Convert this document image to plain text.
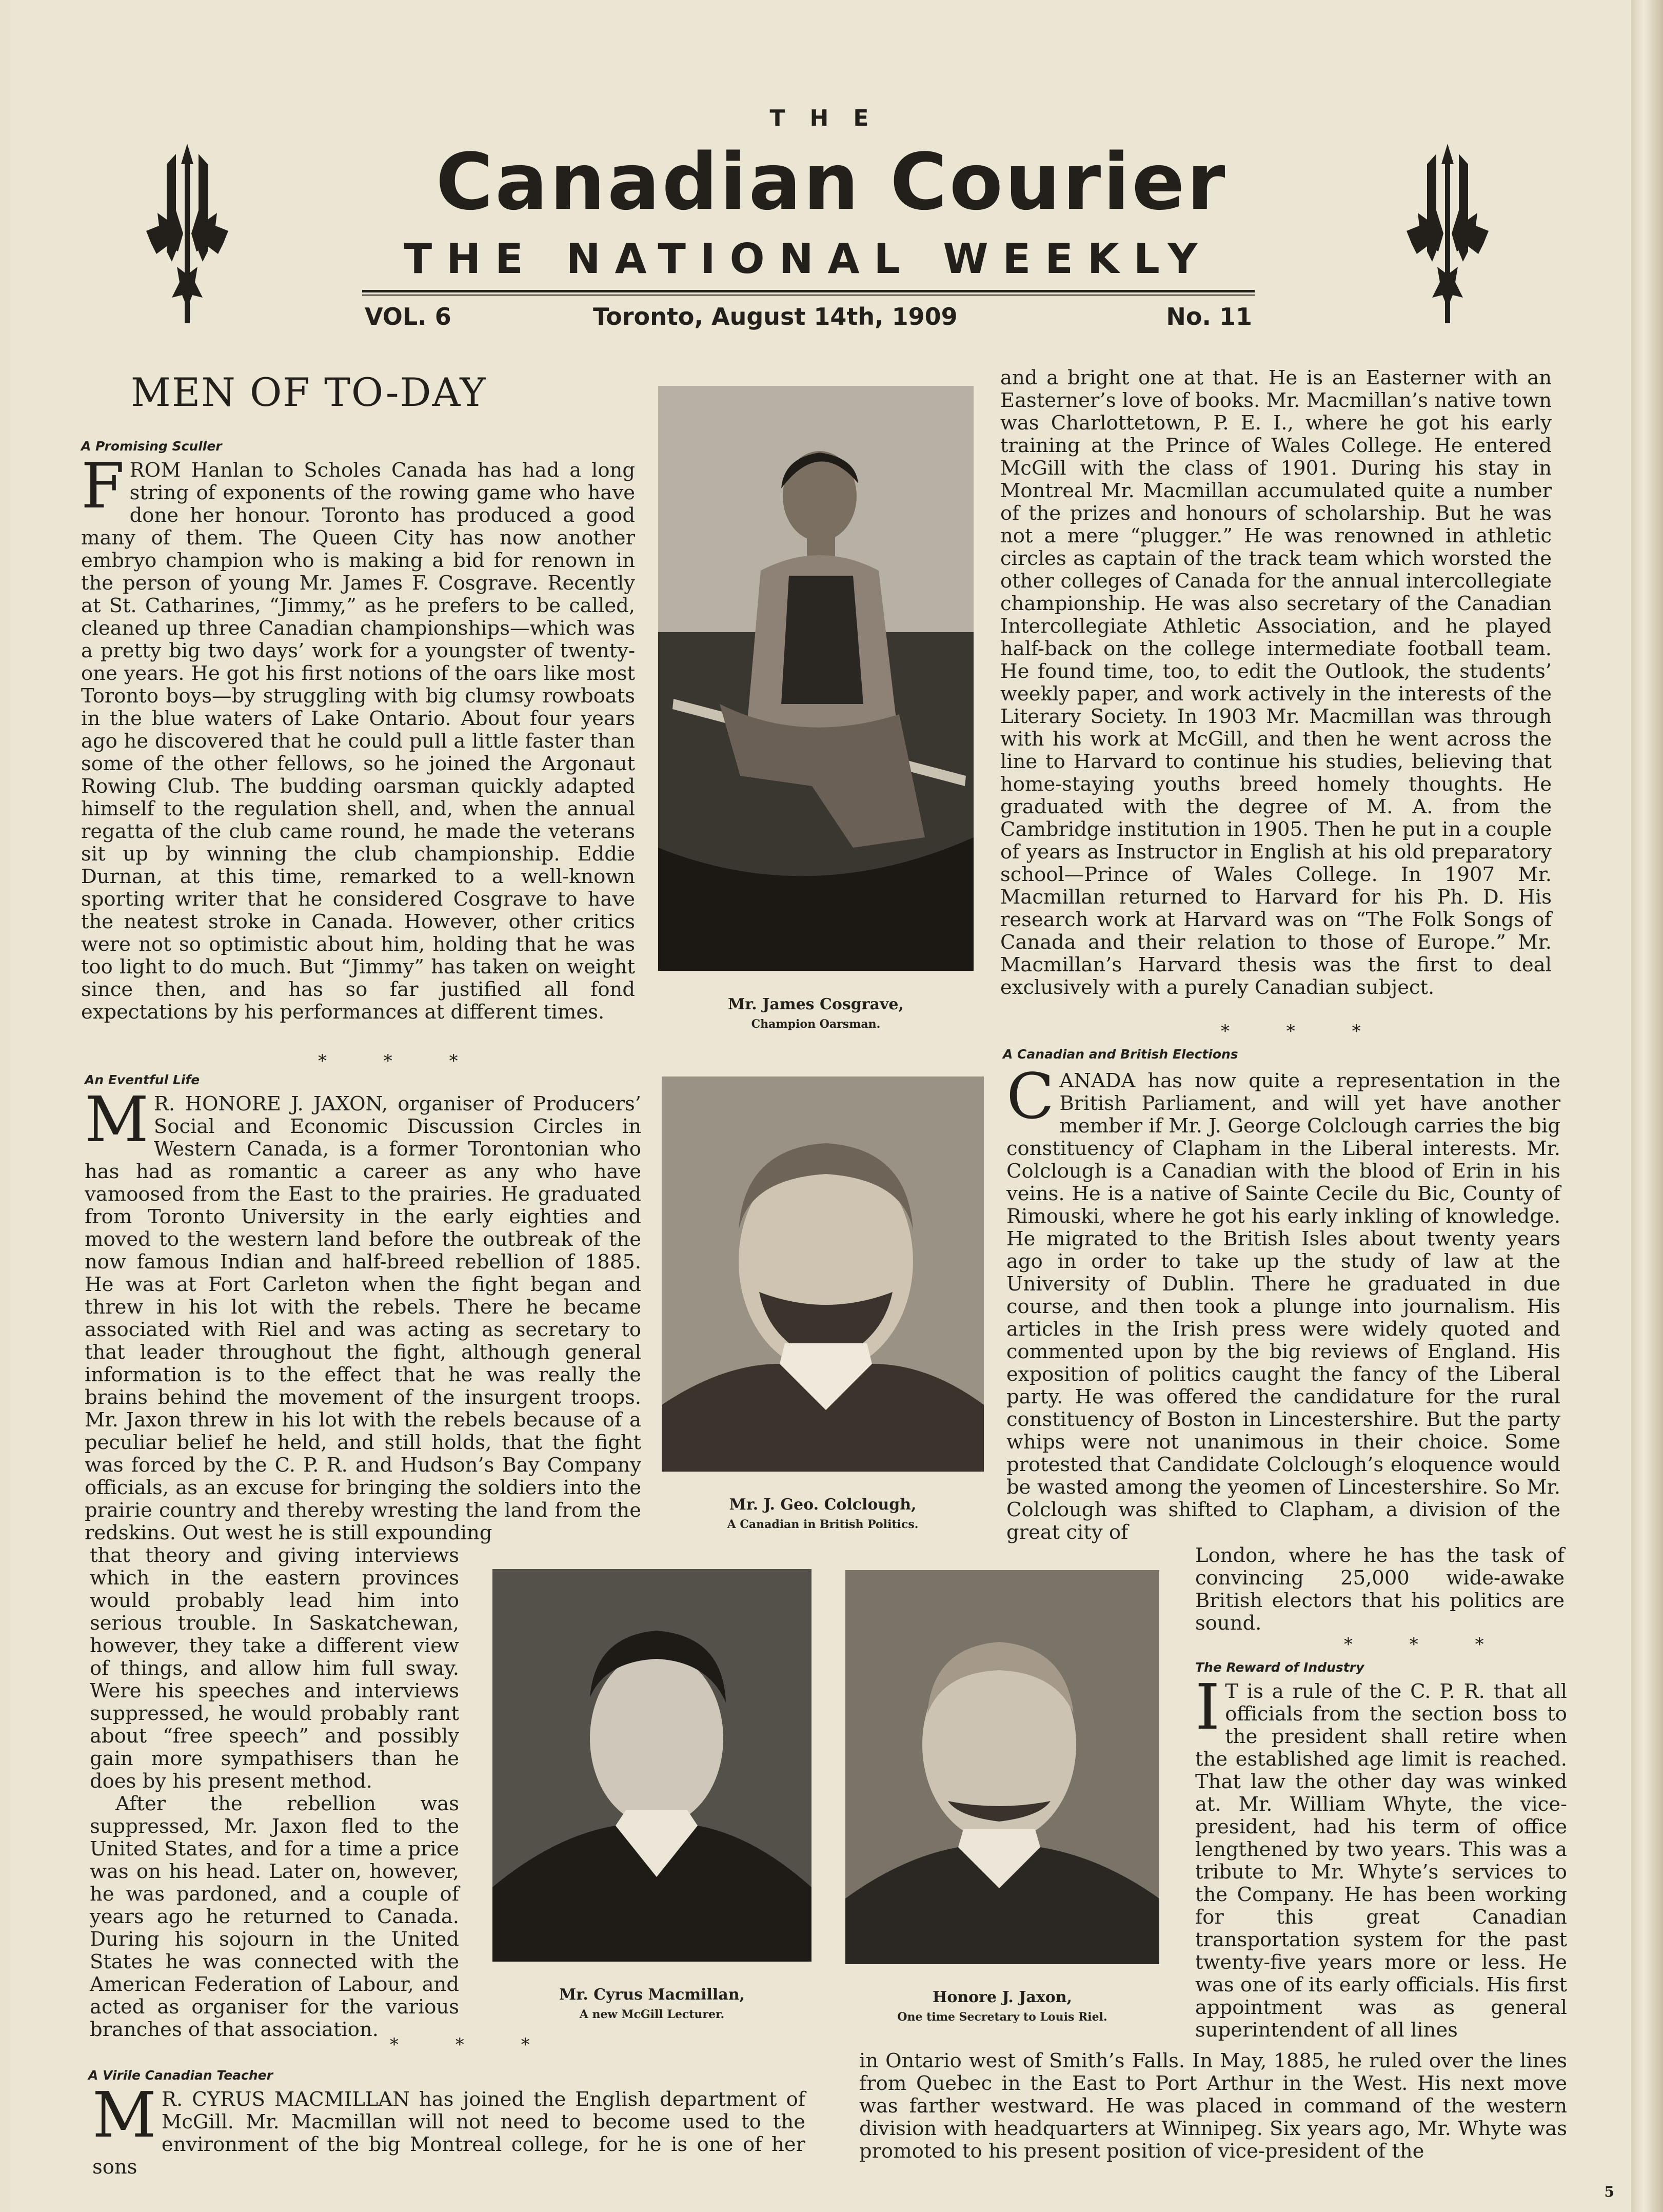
THE
Canadian Courier
THE NATIONAL WEEKLY
VOL. 6	Toronto, August 14th, 1909	No. 11
MEN OF TO-DAY
A Promising Sculler
F ROM Hanlan to Scholes Canada has had a long string of exponents of the rowing game who have done her honour. Toronto has produced a good many of them. The Queen City has now another embryo champion who is making a bid for renown in the person of young Mr. James F. Cosgrave. Recently at St. Catharines, “Jimmy,” as he prefers to be called, cleaned up three Canadian championships—which was a pretty big two days’ work for a youngster of twenty-one years. He got his first notions of the oars like most Toronto boys—by struggling with big clumsy rowboats in the blue waters of Lake Ontario. About four years ago he discovered that he could pull a little faster than some of the other fellows, so he joined the Argonaut Rowing Club. The budding oarsman quickly adapted himself to the regulation shell, and, when the annual regatta of the club came round, he made the veterans sit up by winning the club championship. Eddie Durnan, at this time, remarked to a well-known sporting writer that he considered Cosgrave to have the neatest stroke in Canada. However, other critics were not so optimistic about him, holding that he was too light to do much. But “Jimmy” has taken on weight since then, and has so far justified all fond expectations by his performances at different times.
* * *
An Eventful Life
M R. HONORE J. JAXON, organiser of Producers’ Social and Economic Discussion Circles in Western Canada, is a former Torontonian who has had as romantic a career as any who have vamoosed from the East to the prairies. He graduated from Toronto University in the early eighties and moved to the western land before the outbreak of the now famous Indian and half-breed rebellion of 1885. He was at Fort Carleton when the fight began and threw in his lot with the rebels. There he became associated with Riel and was acting as secretary to that leader throughout the fight, although general information is to the effect that he was really the brains behind the movement of the insurgent troops. Mr. Jaxon threw in his lot with the rebels because of a peculiar belief he held, and still holds, that the fight was forced by the C. P. R. and Hudson’s Bay Company officials, as an excuse for bringing the soldiers into the prairie country and thereby wresting the land from the redskins. Out west he is still expounding

that theory and giving interviews which in the eastern provinces would probably lead him into serious trouble. In Saskatchewan, however, they take a different view of things, and allow him full sway. Were his speeches and interviews suppressed, he would probably rant about “free speech” and possibly gain more sympathisers than he does by his present method.

After the rebellion was suppressed, Mr. Jaxon fled to the United States, and for a time a price was on his head. Later on, however, he was pardoned, and a couple of years ago he returned to Canada. During his sojourn in the United States he was connected with the American Federation of Labour, and acted as organiser for the various branches of that association.

* * *
A Virile Canadian Teacher
M R. CYRUS MACMILLAN has joined the English department of McGill. Mr. Macmillan will not need to become used to the environment of the big Montreal college, for he is one of her sons

and a bright one at that. He is an Easterner with an Easterner’s love of books. Mr. Macmillan’s native town was Charlottetown, P. E. I., where he got his early training at the Prince of Wales College. He entered McGill with the class of 1901. During his stay in Montreal Mr. Macmillan accumulated quite a number of the prizes and honours of scholarship. But he was not a mere “plugger.” He was renowned in athletic circles as captain of the track team which worsted the other colleges of Canada for the annual intercollegiate championship. He was also secretary of the Canadian Intercollegiate Athletic Association, and he played half-back on the college intermediate football team. He found time, too, to edit the Outlook, the students’ weekly paper, and work actively in the interests of the Literary Society. In 1903 Mr. Macmillan was through with his work at McGill, and then he went across the line to Harvard to continue his studies, believing that home-staying youths breed homely thoughts. He graduated with the degree of M. A. from the Cambridge institution in 1905. Then he put in a couple of years as Instructor in English at his old preparatory school—Prince of Wales College. In 1907 Mr. Macmillan returned to Harvard for his Ph. D. His research work at Harvard was on “The Folk Songs of Canada and their relation to those of Europe.” Mr. Macmillan’s Harvard thesis was the first to deal exclusively with a purely Canadian subject.

* * *
A Canadian and British Elections
C ANADA has now quite a representation in the British Parliament, and will yet have another member if Mr. J. George Colclough carries the big constituency of Clapham in the Liberal interests. Mr. Colclough is a Canadian with the blood of Erin in his veins. He is a native of Sainte Cecile du Bic, County of Rimouski, where he got his early inkling of knowledge. He migrated to the British Isles about twenty years ago in order to take up the study of law at the University of Dublin. There he graduated in due course, and then took a plunge into journalism. His articles in the Irish press were widely quoted and commented upon by the big reviews of England. His exposition of politics caught the fancy of the Liberal party. He was offered the candidature for the rural constituency of Boston in Lincestershire. But the party whips were not unanimous in their choice. Some protested that Candidate Colclough’s eloquence would be wasted among the yeomen of Lincestershire. So Mr. Colclough was shifted to Clapham, a division of the great city of

London, where he has the task of convincing 25,000 wide-awake British electors that his politics are sound.

* * *
The Reward of Industry
I T is a rule of the C. P. R. that all officials from the section boss to the president shall retire when the established age limit is reached. That law the other day was winked at. Mr. William Whyte, the vice-president, had his term of office lengthened by two years. This was a tribute to Mr. Whyte’s services to the Company. He has been working for this great Canadian transportation system for the past twenty-five years more or less. He was one of its early officials. His first appointment was as general superintendent of all lines

in Ontario west of Smith’s Falls. In May, 1885, he ruled over the lines from Quebec in the East to Port Arthur in the West. His next move was farther westward. He was placed in command of the western division with headquarters at Winnipeg. Six years ago, Mr. Whyte was promoted to his present position of vice-president of the

Mr. James Cosgrave,
Champion Oarsman.
Mr. J. Geo. Colclough,
A Canadian in British Politics.
Mr. Cyrus Macmillan,
A new McGill Lecturer.
Honore J. Jaxon,
One time Secretary to Louis Riel.
5
